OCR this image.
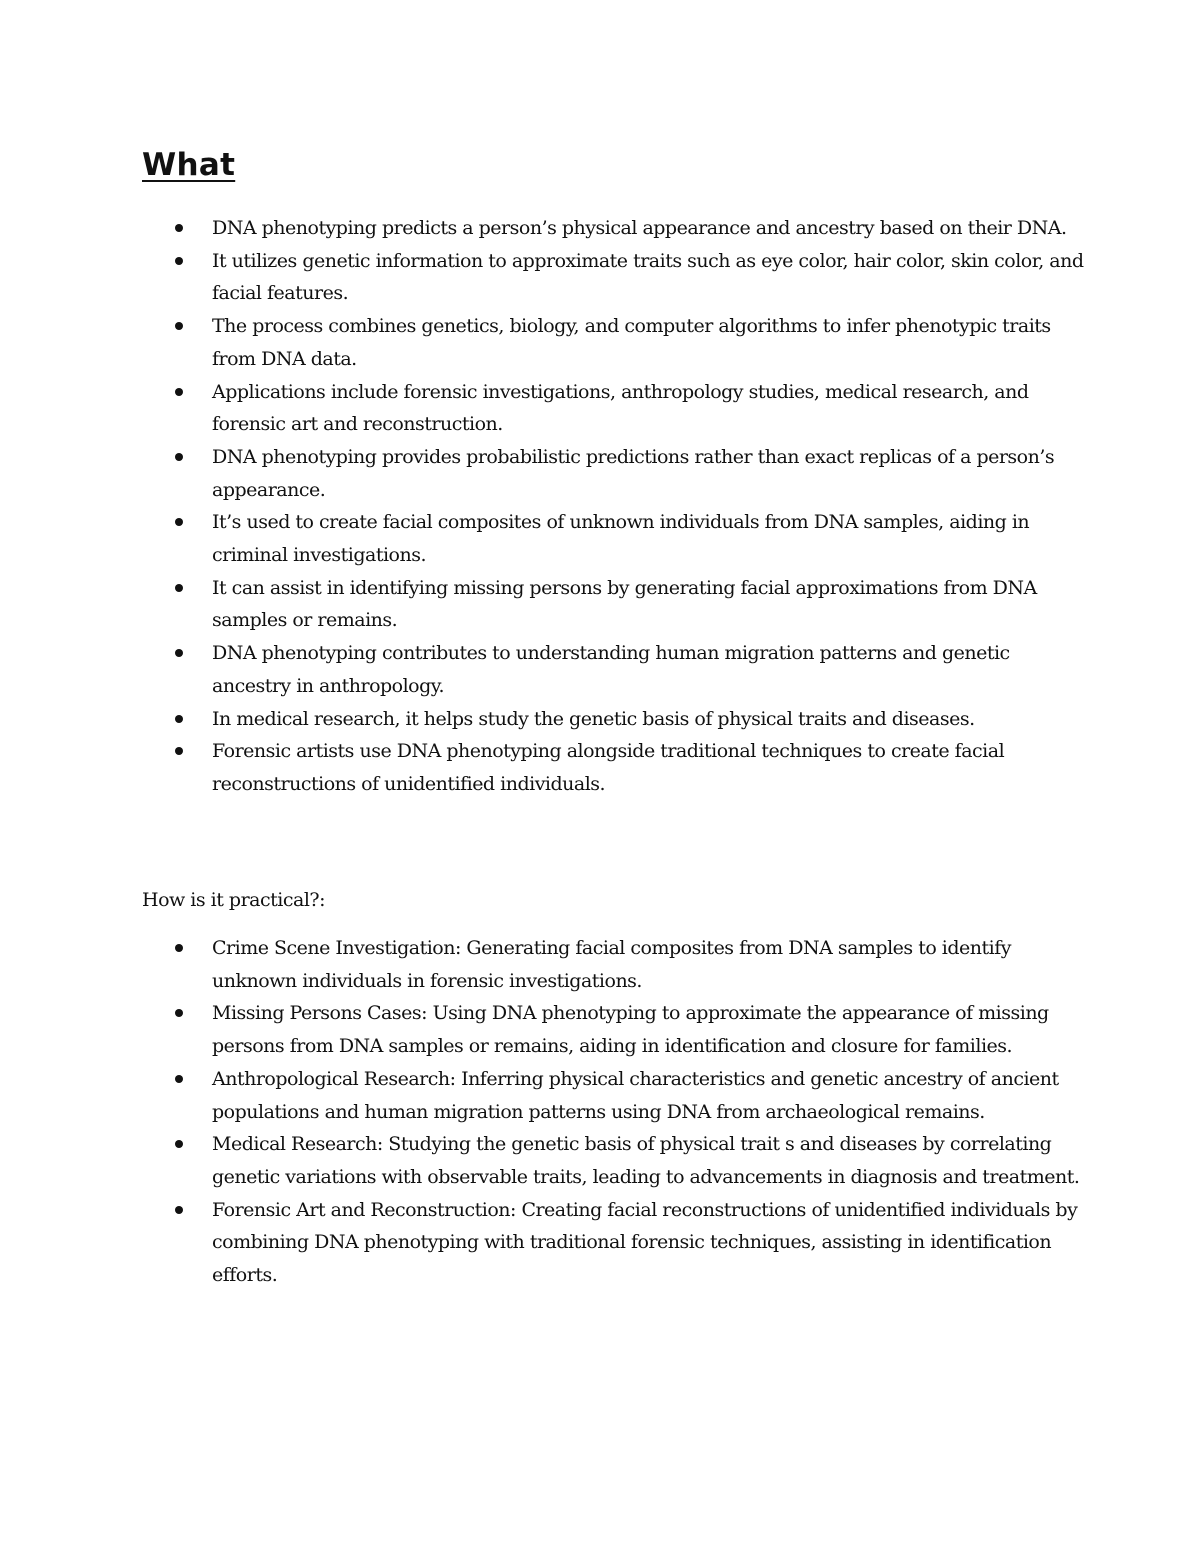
What
DNA phenotyping predicts a person’s physical appearance and ancestry based on their DNA.
It utilizes genetic information to approximate traits such as eye color, hair color, skin color, and facial features.
The process combines genetics, biology, and computer algorithms to infer phenotypic traits from DNA data.
Applications include forensic investigations, anthropology studies, medical research, and forensic art and reconstruction.
DNA phenotyping provides probabilistic predictions rather than exact replicas of a person’s appearance.
It’s used to create facial composites of unknown individuals from DNA samples, aiding in criminal investigations.
It can assist in identifying missing persons by generating facial approximations from DNA samples or remains.
DNA phenotyping contributes to understanding human migration patterns and genetic ancestry in anthropology.
In medical research, it helps study the genetic basis of physical traits and diseases.
Forensic artists use DNA phenotyping alongside traditional techniques to create facial reconstructions of unidentified individuals.

How is it practical?:

Crime Scene Investigation: Generating facial composites from DNA samples to identify unknown individuals in forensic investigations.
Missing Persons Cases: Using DNA phenotyping to approximate the appearance of missing persons from DNA samples or remains, aiding in identification and closure for families.
Anthropological Research: Inferring physical characteristics and genetic ancestry of ancient populations and human migration patterns using DNA from archaeological remains.
Medical Research: Studying the genetic basis of physical trait s and diseases by correlating genetic variations with observable traits, leading to advancements in diagnosis and treatment.
Forensic Art and Reconstruction: Creating facial reconstructions of unidentified individuals by combining DNA phenotyping with traditional forensic techniques, assisting in identification efforts.
